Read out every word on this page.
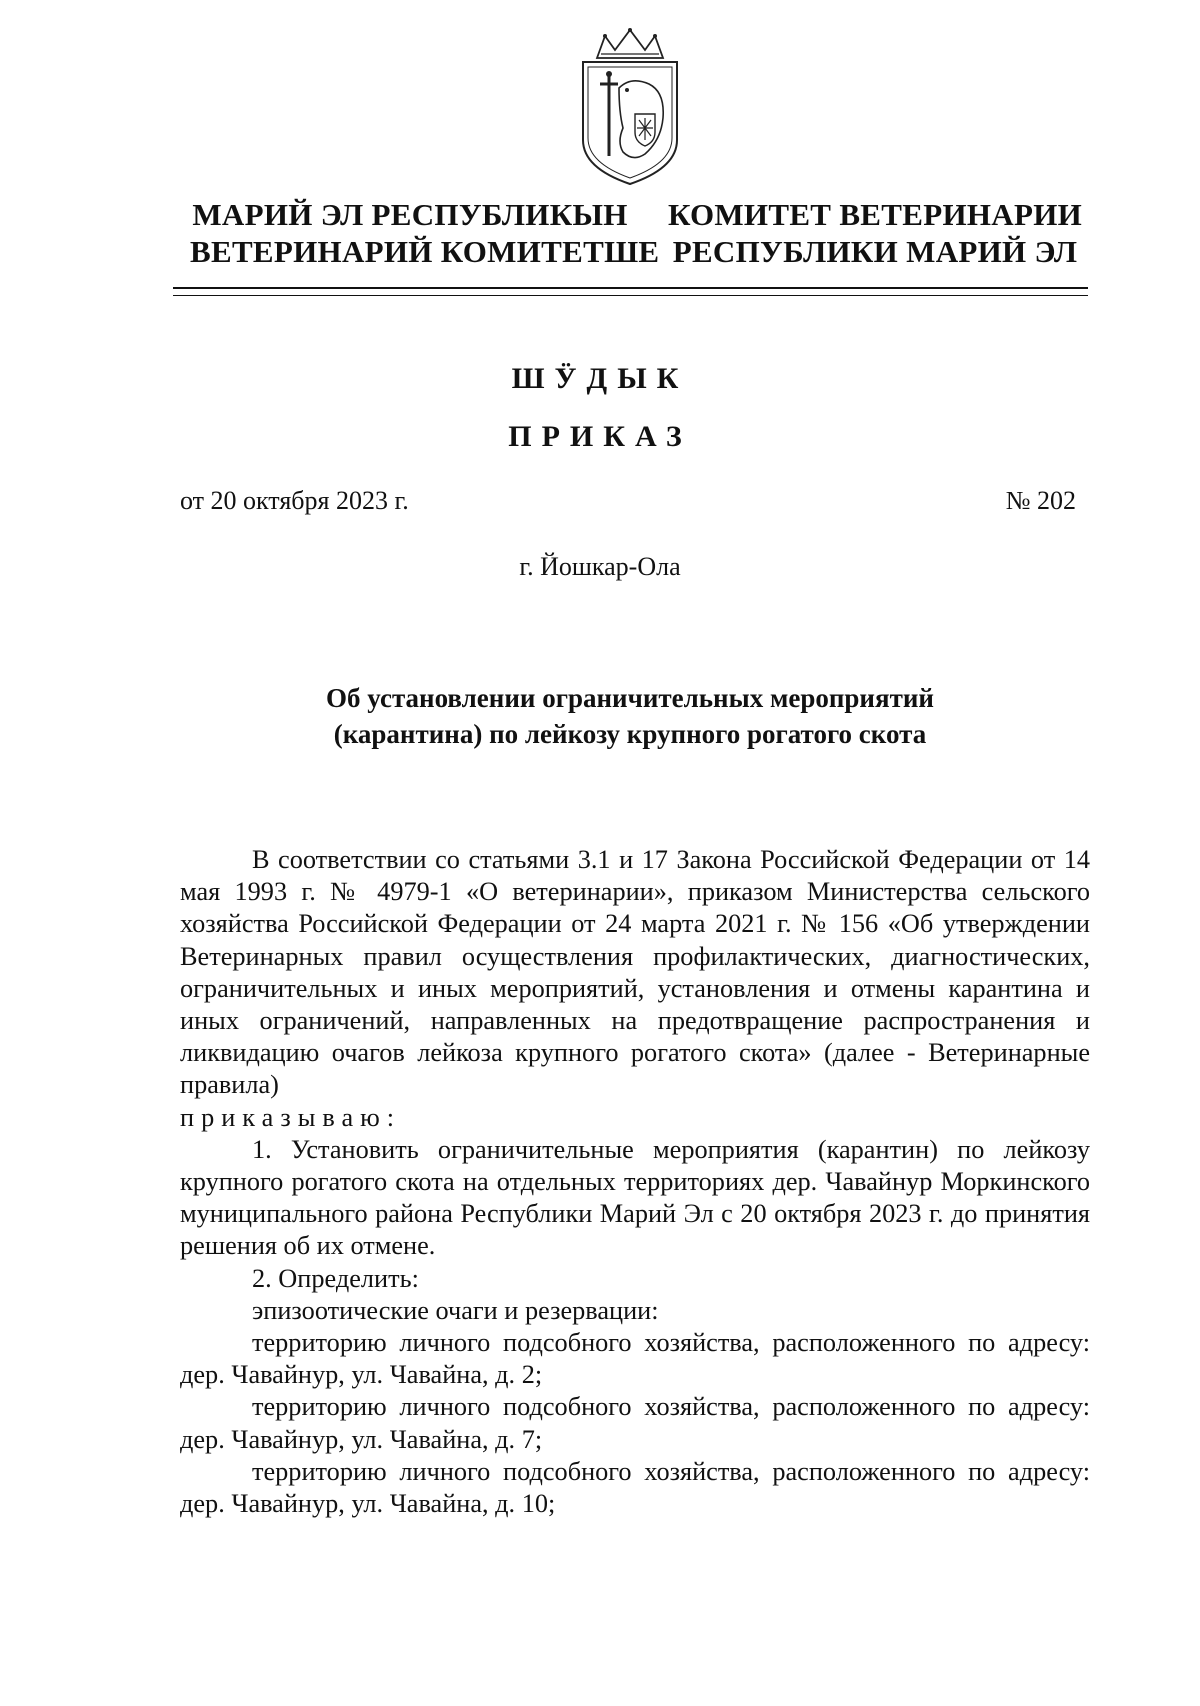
МАРИЙ ЭЛ РЕСПУБЛИКЫН
ВЕТЕРИНАРИЙ КОМИТЕТШЕ
КОМИТЕТ ВЕТЕРИНАРИИ
РЕСПУБЛИКИ МАРИЙ ЭЛ
ШӰДЫК
ПРИКАЗ
от 20 октября 2023 г.	№ 202
г. Йошкар-Ола
Об установлении ограничительных мероприятий
(карантина) по лейкозу крупного рогатого скота

В соответствии со статьями 3.1 и 17 Закона Российской Федерации от 14 мая 1993 г. № 4979-1 «О ветеринарии», приказом Министерства сельского хозяйства Российской Федерации от 24 марта 2021 г. № 156 «Об утверждении Ветеринарных правил осуществления профилактических, диагностических, ограничительных и иных мероприятий, установления и отмены карантина и иных ограничений, направленных на предотвращение распространения и ликвидацию очагов лейкоза крупного рогатого скота» (далее - Ветеринарные правила)

приказываю:

1. Установить ограничительные мероприятия (карантин) по лейкозу крупного рогатого скота на отдельных территориях дер. Чавайнур Моркинского муниципального района Республики Марий Эл с 20 октября 2023 г. до принятия решения об их отмене.

2. Определить:

эпизоотические очаги и резервации:

территорию личного подсобного хозяйства, расположенного по адресу: дер. Чавайнур, ул. Чавайна, д. 2;

территорию личного подсобного хозяйства, расположенного по адресу: дер. Чавайнур, ул. Чавайна, д. 7;

территорию личного подсобного хозяйства, расположенного по адресу: дер. Чавайнур, ул. Чавайна, д. 10;
